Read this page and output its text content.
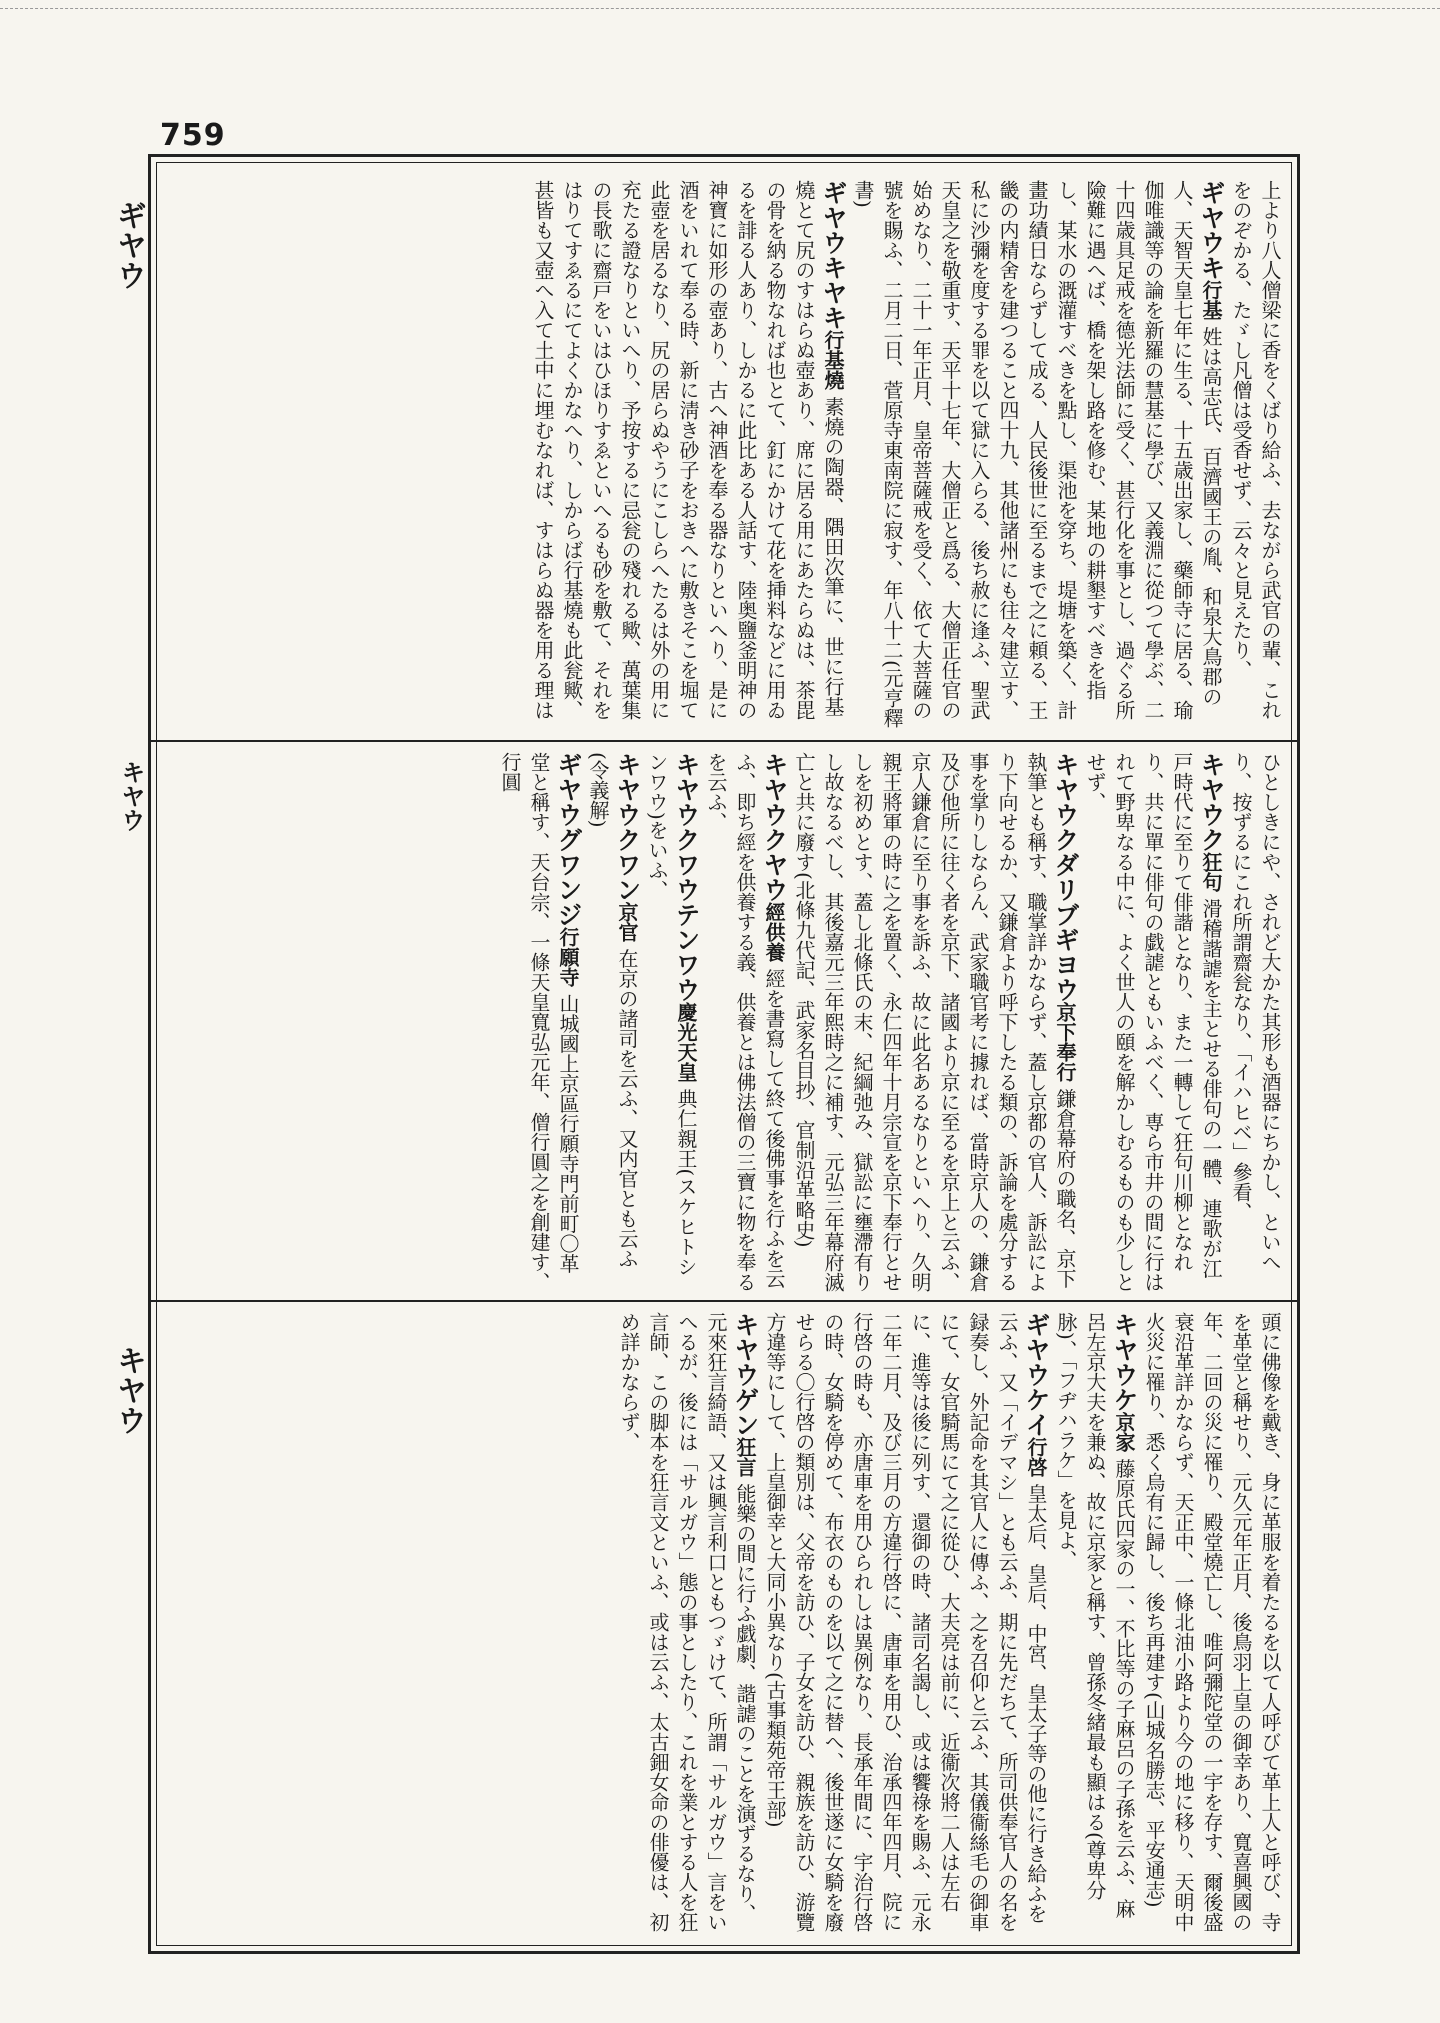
759
ギヤウ
キヤウ
キヤウ

上より八人僧梁に香をくばり給ふ、去ながら武官の輩、これをのぞかる、たゞし凡僧は受香せず、云々と見えたり、

ギヤウキ行基 姓は高志氏、百濟國王の胤、和泉大鳥郡の人、天智天皇七年に生る、十五歳出家し、藥師寺に居る、瑜伽唯識等の論を新羅の慧基に學び、又義淵に從つて學ぶ、二十四歳具足戒を德光法師に受く、甚行化を事とし、過ぐる所險難に遇へば、橋を架し路を修む、某地の耕墾すべきを指し、某水の溉灌すべきを點し、渠池を穿ち、堤塘を築く、計畫功績日ならずして成る、人民後世に至るまで之に頼る、王畿の内精舍を建つること四十九、其他諸州にも往々建立す、私に沙彌を度する罪を以て獄に入らる、後ち赦に逢ふ、聖武天皇之を敬重す、天平十七年、大僧正と爲る、大僧正任官の始めなり、二十一年正月、皇帝菩薩戒を受く、依て大菩薩の號を賜ふ、二月二日、菅原寺東南院に寂す、年八十二(元亨釋書)

ギヤウキヤキ行基燒 素燒の陶器、隅田次筆に、世に行基燒とて尻のすはらぬ壺あり、席に居る用にあたらぬは、茶毘の骨を納る物なれば也とて、釘にかけて花を挿料などに用ゐるを誹る人あり、しかるに此比ある人話す、陸奥鹽釜明神の神寶に如形の壺あり、古へ神酒を奉る器なりといへり、是に酒をいれて奉る時、新に淸き砂子をおきへに敷きそこを堀て此壺を居るなり、尻の居らぬやうにこしらへたるは外の用に充たる證なりといへり、予按するに忌瓮の殘れる歟、萬葉集の長歌に齋戸をいはひほりすゑといへるも砂を敷て、それをはりてすゑるにてよくかなへり、しからば行基燒も此瓮歟、甚皆も又壺へ入て土中に埋むなれば、すはらぬ器を用る理は

ひとしきにや、されど大かた其形も酒器にちかし、といへり、按ずるにこれ所謂齋瓮なり、「イハヒベ」參看、

キヤウク狂句 滑稽諧謔を主とせる俳句の一體、連歌が江戸時代に至りて俳諧となり、また一轉して狂句川柳となれり、共に單に俳句の戯謔ともいふべく、専ら市井の間に行はれて野卑なる中に、よく世人の頤を解かしむるものも少しとせず、

キヤウクダリブギヨウ京下奉行 鎌倉幕府の職名、京下執筆とも稱す、職掌詳かならず、蓋し京都の官人、訴訟により下向せるか、又鎌倉より呼下したる類の、訴論を處分する事を掌りしならん、武家職官考に據れば、當時京人の、鎌倉及び他所に往く者を京下、諸國より京に至るを京上と云ふ、京人鎌倉に至り事を訴ふ、故に此名あるなりといへり、久明親王將軍の時に之を置く、永仁四年十月宗宣を京下奉行とせしを初めとす、蓋し北條氏の末、紀綱弛み、獄訟に壅滯有りし故なるべし、其後嘉元三年熙時之に補す、元弘三年幕府滅亡と共に廢す(北條九代記、武家名目抄、官制沿革略史)

キヤウクヤウ經供養 經を書寫して終て後佛事を行ふを云ふ、即ち經を供養する義、供養とは佛法僧の三寶に物を奉るを云ふ、

キヤウクワウテンワウ慶光天皇 典仁親王(スケヒトシンワウ)をいふ、

キヤウクワン京官 在京の諸司を云ふ、又内官とも云ふ(令義解)

ギヤウグワンジ行願寺 山城國上京區行願寺門前町〇革堂と稱す、天台宗、一條天皇寬弘元年、僧行圓之を創建す、行圓

頭に佛像を戴き、身に革服を着たるを以て人呼びて革上人と呼び、寺を革堂と稱せり、元久元年正月、後鳥羽上皇の御幸あり、寬喜興國の年、二回の災に罹り、殿堂燒亡し、唯阿彌陀堂の一宇を存す、爾後盛衰沿革詳かならず、天正中、一條北油小路より今の地に移り、天明中火災に罹り、悉く烏有に歸し、後ち再建す(山城名勝志、平安通志)

キヤウケ京家 藤原氏四家の一、不比等の子麻呂の子孫を云ふ、麻呂左京大夫を兼ぬ、故に京家と稱す、曾孫冬緒最も顯はる(尊卑分脉)、「フヂハラケ」を見よ、

ギヤウケイ行啓 皇太后、皇后、中宮、皇太子等の他に行き給ふを云ふ、又「イデマシ」とも云ふ、期に先だちて、所司供奉官人の名を録奏し、外記命を其官人に傳ふ、之を召仰と云ふ、其儀衞絲毛の御車にて、女官騎馬にて之に從ひ、大夫亮は前に、近衞次將二人は左右に、進等は後に列す、還御の時、諸司名謁し、或は饗祿を賜ふ、元永二年二月、及び三月の方違行啓に、唐車を用ひ、治承四年四月、院に行啓の時も、亦唐車を用ひられしは異例なり、長承年間に、宇治行啓の時、女騎を停めて、布衣のものを以て之に替へ、後世遂に女騎を廢せらる〇行啓の類別は、父帝を訪ひ、子女を訪ひ、親族を訪ひ、游覽方違等にして、上皇御幸と大同小異なり(古事類苑帝王部)

キヤウゲン狂言 能樂の間に行ふ戯劇、諧謔のことを演ずるなり、元來狂言綺語、又は興言利口ともつゞけて、所謂「サルガウ」言をいへるが、後には「サルガウ」態の事としたり、これを業とする人を狂言師、この脚本を狂言文といふ、或は云ふ、太古鈿女命の俳優は、初め詳かならず、
